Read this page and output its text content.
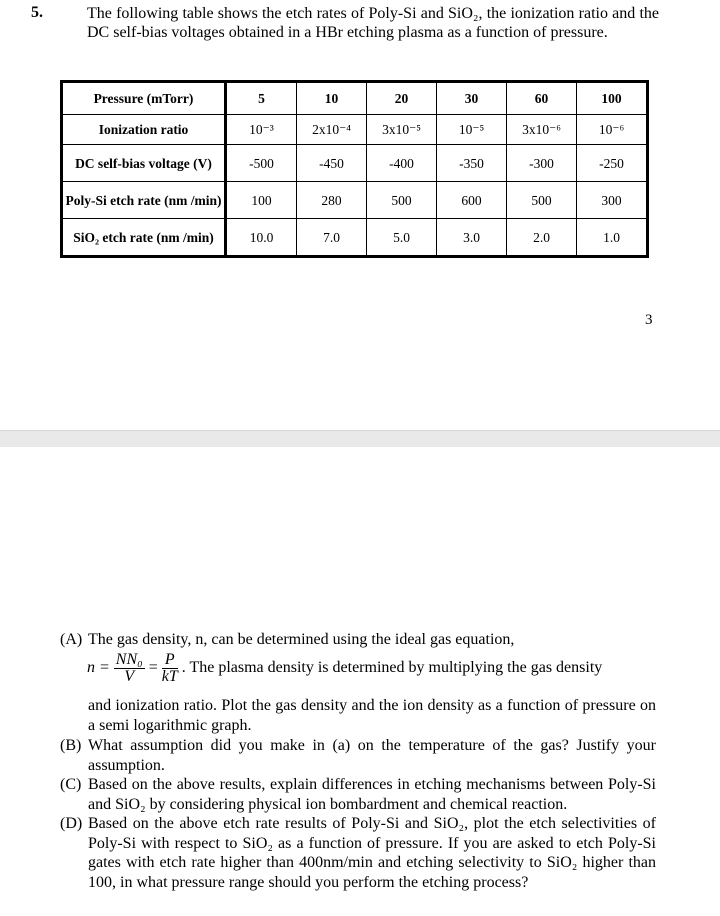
5.	The following table shows the etch rates of Poly-Si and SiO₂, the ionization ratio and the DC self-bias voltages obtained in a HBr etching plasma as a function of pressure.
Pressure (mTorr)	5	10	20	30	60	100
Ionization ratio	10⁻³	2x10⁻⁴	3x10⁻⁵	10⁻⁵	3x10⁻⁶	10⁻⁶
DC self-bias voltage (V)	-500	-450	-400	-350	-300	-250
Poly-Si etch rate (nm /min)	100	280	500	600	500	300
SiO₂ etch rate (nm /min)	10.0	7.0	5.0	3.0	2.0	1.0
3
(A) The gas density, n, can be determined using the ideal gas equation,
$n = \frac{\text{NN₀}}{V} = \frac{P}{kT}$ . The plasma density is determined by multiplying the gas density
and ionization ratio. Plot the gas density and the ion density as a function of pressure on a semi logarithmic graph.
(B) What assumption did you make in (a) on the temperature of the gas? Justify your assumption.
(C) Based on the above results, explain differences in etching mechanisms between Poly-Si and SiO₂ by considering physical ion bombardment and chemical reaction.
(D) Based on the above etch rate results of Poly-Si and SiO₂, plot the etch selectivities of Poly-Si with respect to SiO₂ as a function of pressure. If you are asked to etch Poly-Si gates with etch rate higher than 400nm/min and etching selectivity to SiO₂ higher than 100, in what pressure range should you perform the etching process?
